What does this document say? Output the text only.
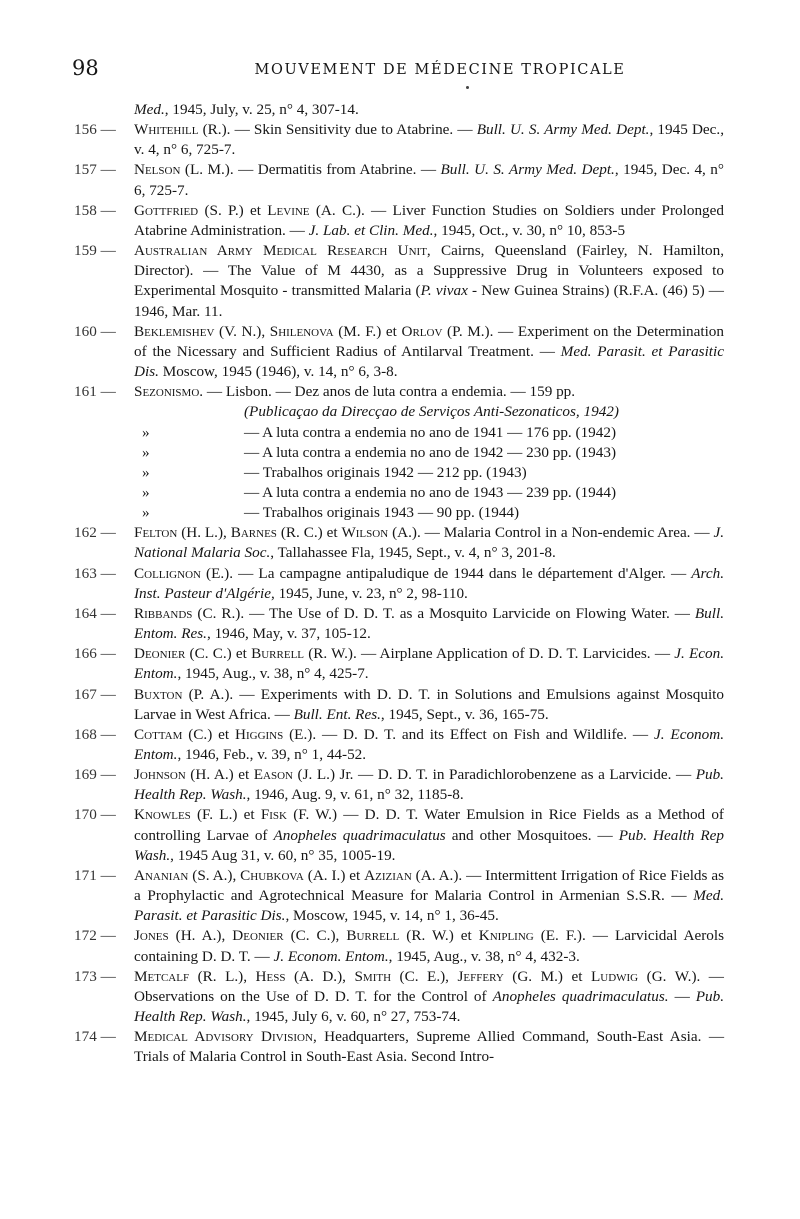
98	MOUVEMENT DE MÉDECINE TROPICALE
Med., 1945, July, v. 25, n° 4, 307-14.
156 —	Whitehill (R.). — Skin Sensitivity due to Atabrine. — Bull. U. S. Army Med. Dept., 1945 Dec., v. 4, n° 6, 725-7.
157 —	Nelson (L. M.). — Dermatitis from Atabrine. — Bull. U. S. Army Med. Dept., 1945, Dec. 4, n° 6, 725-7.
158 —	Gottfried (S. P.) et Levine (A. C.). — Liver Function Studies on Soldiers under Prolonged Atabrine Administration. — J. Lab. et Clin. Med., 1945, Oct., v. 30, n° 10, 853-5
159 —	Australian Army Medical Research Unit, Cairns, Queensland (Fairley, N. Hamilton, Director). — The Value of M 4430, as a Suppressive Drug in Volunteers exposed to Experimental Mosquito - transmitted Malaria (P. vivax - New Guinea Strains) (R.F.A. (46) 5) — 1946, Mar. 11.
160 —	Beklemishev (V. N.), Shilenova (M. F.) et Orlov (P. M.). — Experiment on the Determination of the Nicessary and Sufficient Radius of Antilarval Treatment. — Med. Parasit. et Parasitic Dis. Moscow, 1945 (1946), v. 14, n° 6, 3-8.
161 —	Sezonismo. — Lisbon. — Dez anos de luta contra a endemia. — 159 pp.
(Publicaçao da Direcçao de Serviços Anti-Sezonaticos, 1942)
»	— A luta contra a endemia no ano de 1941 — 176 pp. (1942)
»	— A luta contra a endemia no ano de 1942 — 230 pp. (1943)
»	— Trabalhos originais 1942 — 212 pp. (1943)
»	— A luta contra a endemia no ano de 1943 — 239 pp. (1944)
»	— Trabalhos originais 1943 — 90 pp. (1944)
162 —	Felton (H. L.), Barnes (R. C.) et Wilson (A.). — Malaria Control in a Non-endemic Area. — J. National Malaria Soc., Tallahassee Fla, 1945, Sept., v. 4, n° 3, 201-8.
163 —	Collignon (E.). — La campagne antipaludique de 1944 dans le département d'Alger. — Arch. Inst. Pasteur d'Algérie, 1945, June, v. 23, n° 2, 98-110.
164 —	Ribbands (C. R.). — The Use of D. D. T. as a Mosquito Larvicide on Flowing Water. — Bull. Entom. Res., 1946, May, v. 37, 105-12.
166 —	Deonier (C. C.) et Burrell (R. W.). — Airplane Application of D. D. T. Larvicides. — J. Econ. Entom., 1945, Aug., v. 38, n° 4, 425-7.
167 —	Buxton (P. A.). — Experiments with D. D. T. in Solutions and Emulsions against Mosquito Larvae in West Africa. — Bull. Ent. Res., 1945, Sept., v. 36, 165-75.
168 —	Cottam (C.) et Higgins (E.). — D. D. T. and its Effect on Fish and Wildlife. — J. Econom. Entom., 1946, Feb., v. 39, n° 1, 44-52.
169 —	Johnson (H. A.) et Eason (J. L.) Jr. — D. D. T. in Paradichlorobenzene as a Larvicide. — Pub. Health Rep. Wash., 1946, Aug. 9, v. 61, n° 32, 1185-8.
170 —	Knowles (F. L.) et Fisk (F. W.) — D. D. T. Water Emulsion in Rice Fields as a Method of controlling Larvae of Anopheles quadrimaculatus and other Mosquitoes. — Pub. Health Rep Wash., 1945 Aug 31, v. 60, n° 35, 1005-19.
171 —	Ananian (S. A.), Chubkova (A. I.) et Azizian (A. A.). — Intermittent Irrigation of Rice Fields as a Prophylactic and Agrotechnical Measure for Malaria Control in Armenian S.S.R. — Med. Parasit. et Parasitic Dis., Moscow, 1945, v. 14, n° 1, 36-45.
172 —	Jones (H. A.), Deonier (C. C.), Burrell (R. W.) et Knipling (E. F.). — Larvicidal Aerols containing D. D. T. — J. Econom. Entom., 1945, Aug., v. 38, n° 4, 432-3.
173 —	Metcalf (R. L.), Hess (A. D.), Smith (C. E.), Jeffery (G. M.) et Ludwig (G. W.). — Observations on the Use of D. D. T. for the Control of Anopheles quadrimaculatus. — Pub. Health Rep. Wash., 1945, July 6, v. 60, n° 27, 753-74.
174 —	Medical Advisory Division, Headquarters, Supreme Allied Command, South-East Asia. — Trials of Malaria Control in South-East Asia. Second Intro-
